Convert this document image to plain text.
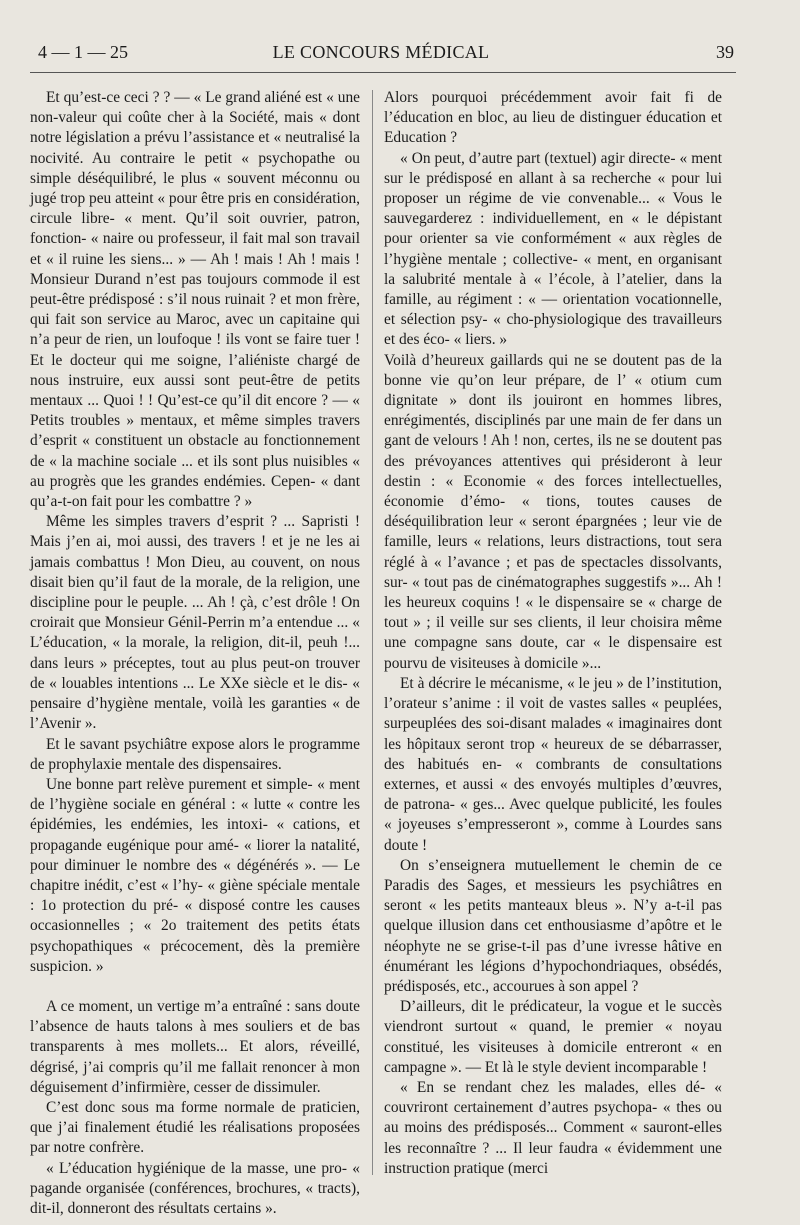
4 — 1 — 25	LE CONCOURS MÉDICAL	39

Et qu’est-ce ceci ? ? — « Le grand aliéné est « une non-valeur qui coûte cher à la Société, mais « dont notre législation a prévu l’assistance et « neutralisé la nocivité. Au contraire le petit « psychopathe ou simple déséquilibré, le plus « souvent méconnu ou jugé trop peu atteint « pour être pris en considération, circule libre- « ment. Qu’il soit ouvrier, patron, fonction- « naire ou professeur, il fait mal son travail et « il ruine les siens... » — Ah ! mais ! Ah ! mais ! Monsieur Durand n’est pas toujours commode il est peut-être prédisposé : s’il nous ruinait ? et mon frère, qui fait son service au Maroc, avec un capitaine qui n’a peur de rien, un loufoque ! ils vont se faire tuer ! Et le docteur qui me soigne, l’aliéniste chargé de nous instruire, eux aussi sont peut-être de petits mentaux ... Quoi ! ! Qu’est-ce qu’il dit encore ? — « Petits troubles » mentaux, et même simples travers d’esprit « constituent un obstacle au fonctionnement de « la machine sociale ... et ils sont plus nuisibles « au progrès que les grandes endémies. Cepen- « dant qu’a-t-on fait pour les combattre ? »

Même les simples travers d’esprit ? ... Sapristi ! Mais j’en ai, moi aussi, des travers ! et je ne les ai jamais combattus ! Mon Dieu, au couvent, on nous disait bien qu’il faut de la morale, de la religion, une discipline pour le peuple. ... Ah ! çà, c’est drôle ! On croirait que Monsieur Génil-Perrin m’a entendue ... « L’éducation, « la morale, la religion, dit-il, peuh !... dans leurs » préceptes, tout au plus peut-on trouver de « louables intentions ... Le XXe siècle et le dis- « pensaire d’hygiène mentale, voilà les garanties « de l’Avenir ».

Et le savant psychiâtre expose alors le programme de prophylaxie mentale des dispensaires.

Une bonne part relève purement et simple- « ment de l’hygiène sociale en général : « lutte « contre les épidémies, les endémies, les intoxi- « cations, et propagande eugénique pour amé- « liorer la natalité, pour diminuer le nombre des « dégénérés ». — Le chapitre inédit, c’est « l’hy- « giène spéciale mentale : 1o protection du pré- « disposé contre les causes occasionnelles ; « 2o traitement des petits états psychopathiques « précocement, dès la première suspicion. »

A ce moment, un vertige m’a entraîné : sans doute l’absence de hauts talons à mes souliers et de bas transparents à mes mollets... Et alors, réveillé, dégrisé, j’ai compris qu’il me fallait renoncer à mon déguisement d’infirmière, cesser de dissimuler.

C’est donc sous ma forme normale de praticien, que j’ai finalement étudié les réalisations proposées par notre confrère.

« L’éducation hygiénique de la masse, une pro- « pagande organisée (conférences, brochures, « tracts), dit-il, donneront des résultats certains ».

Alors pourquoi précédemment avoir fait fi de l’éducation en bloc, au lieu de distinguer éducation et Education ?

« On peut, d’autre part (textuel) agir directe- « ment sur le prédisposé en allant à sa recherche « pour lui proposer un régime de vie convenable... « Vous le sauvegarderez : individuellement, en « le dépistant pour orienter sa vie conformément « aux règles de l’hygiène mentale ; collective- « ment, en organisant la salubrité mentale à « l’école, à l’atelier, dans la famille, au régiment : « — orientation vocationnelle, et sélection psy- « cho-physiologique des travailleurs et des éco- « liers. »

Voilà d’heureux gaillards qui ne se doutent pas de la bonne vie qu’on leur prépare, de l’ « otium cum dignitate » dont ils jouiront en hommes libres, enrégimentés, disciplinés par une main de fer dans un gant de velours ! Ah ! non, certes, ils ne se doutent pas des prévoyances attentives qui présideront à leur destin : « Economie « des forces intellectuelles, économie d’émo- « tions, toutes causes de déséquilibration leur « seront épargnées ; leur vie de famille, leurs « relations, leurs distractions, tout sera réglé à « l’avance ; et pas de spectacles dissolvants, sur- « tout pas de cinématographes suggestifs »... Ah ! les heureux coquins ! « le dispensaire se « charge de tout » ; il veille sur ses clients, il leur choisira même une compagne sans doute, car « le dispensaire est pourvu de visiteuses à domicile »...

Et à décrire le mécanisme, « le jeu » de l’institution, l’orateur s’anime : il voit de vastes salles « peuplées, surpeuplées des soi-disant malades « imaginaires dont les hôpitaux seront trop « heureux de se débarrasser, des habitués en- « combrants de consultations externes, et aussi « des envoyés multiples d’œuvres, de patrona- « ges... Avec quelque publicité, les foules « joyeuses s’empresseront », comme à Lourdes sans doute !

On s’enseignera mutuellement le chemin de ce Paradis des Sages, et messieurs les psychiâtres en seront « les petits manteaux bleus ». N’y a-t-il pas quelque illusion dans cet enthousiasme d’apôtre et le néophyte ne se grise-t-il pas d’une ivresse hâtive en énumérant les légions d’hypochondriaques, obsédés, prédisposés, etc., accourues à son appel ?

D’ailleurs, dit le prédicateur, la vogue et le succès viendront surtout « quand, le premier « noyau constitué, les visiteuses à domicile entreront « en campagne ». — Et là le style devient incomparable !

« En se rendant chez les malades, elles dé- « couvriront certainement d’autres psychopa- « thes ou au moins des prédisposés... Comment « sauront-elles les reconnaître ? ... Il leur faudra « évidemment une instruction pratique (merci
